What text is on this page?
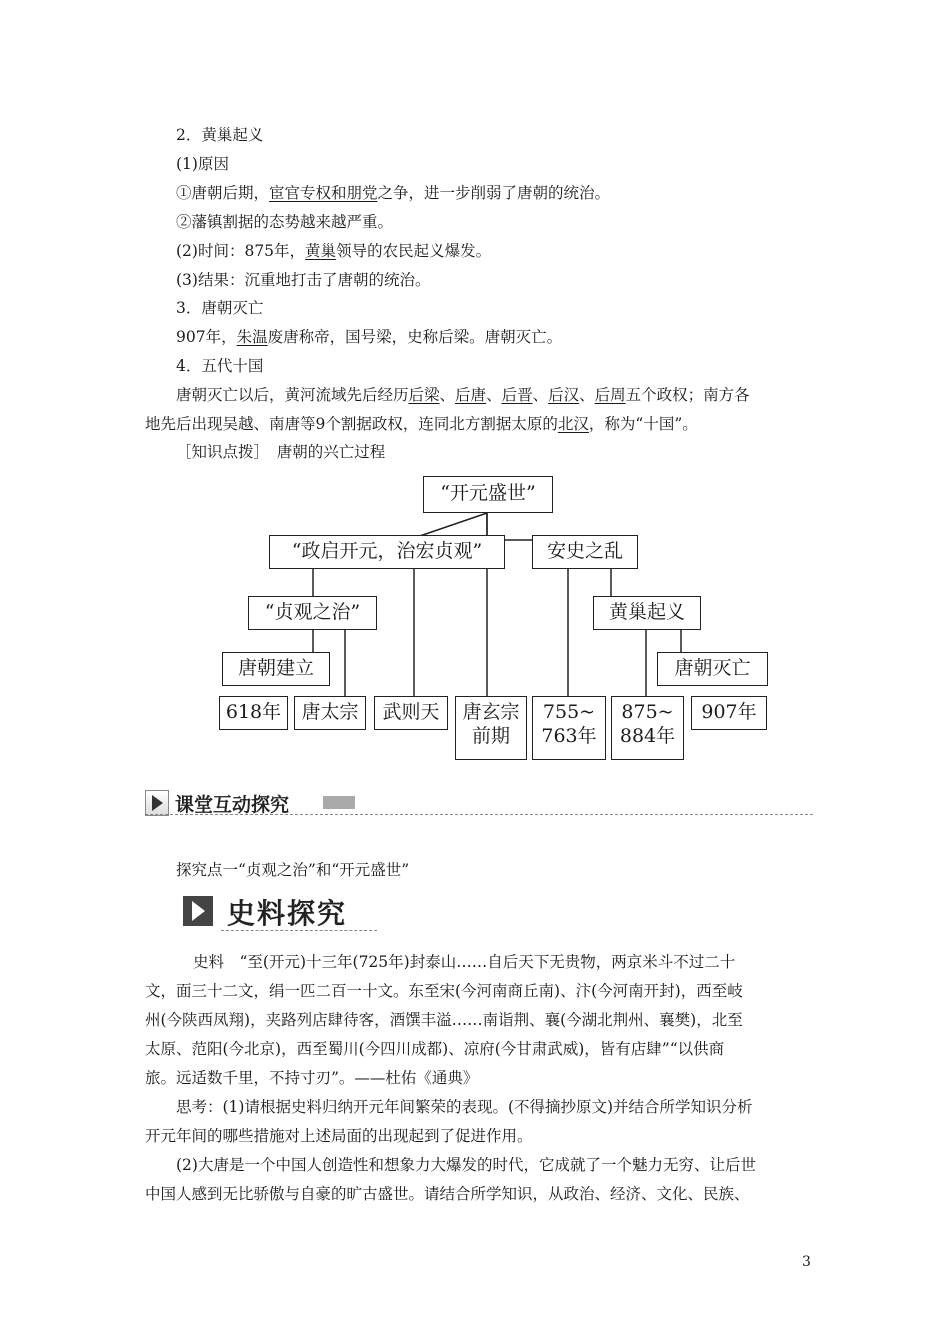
2．黄巢起义
(1)原因
①唐朝后期，宦官专权和朋党之争，进一步削弱了唐朝的统治。
②藩镇割据的态势越来越严重。
(2)时间：875年，黄巢领导的农民起义爆发。
(3)结果：沉重地打击了唐朝的统治。
3．唐朝灭亡
907年，朱温废唐称帝，国号梁，史称后梁。唐朝灭亡。
4．五代十国
唐朝灭亡以后，黄河流域先后经历后梁、后唐、后晋、后汉、后周五个政权；南方各
地先后出现吴越、南唐等9个割据政权，连同北方割据太原的北汉，称为“十国”。
［知识点拨］　唐朝的兴亡过程
“开元盛世”
“政启开元，治宏贞观”	安史之乱
“贞观之治”	黄巢起义
唐朝建立	唐朝灭亡
618年	唐太宗	武则天	唐玄宗
前期
755~
763年
875~
884年
907年
课堂互动探究
探究点一“贞观之治”和“开元盛世”
史料探究
史料　“至(开元)十三年(725年)封泰山……自后天下无贵物，两京米斗不过二十
文，面三十二文，绢一匹二百一十文。东至宋(今河南商丘南)、汴(今河南开封)，西至岐
州(今陕西凤翔)，夹路列店肆待客，酒馔丰溢……南诣荆、襄(今湖北荆州、襄樊)，北至
太原、范阳(今北京)，西至蜀川(今四川成都)、凉府(今甘肃武威)，皆有店肆”“以供商
旅。远适数千里，不持寸刃”。——杜佑《通典》
思考：(1)请根据史料归纳开元年间繁荣的表现。(不得摘抄原文)并结合所学知识分析
开元年间的哪些措施对上述局面的出现起到了促进作用。
(2)大唐是一个中国人创造性和想象力大爆发的时代，它成就了一个魅力无穷、让后世
中国人感到无比骄傲与自豪的旷古盛世。请结合所学知识，从政治、经济、文化、民族、
3
